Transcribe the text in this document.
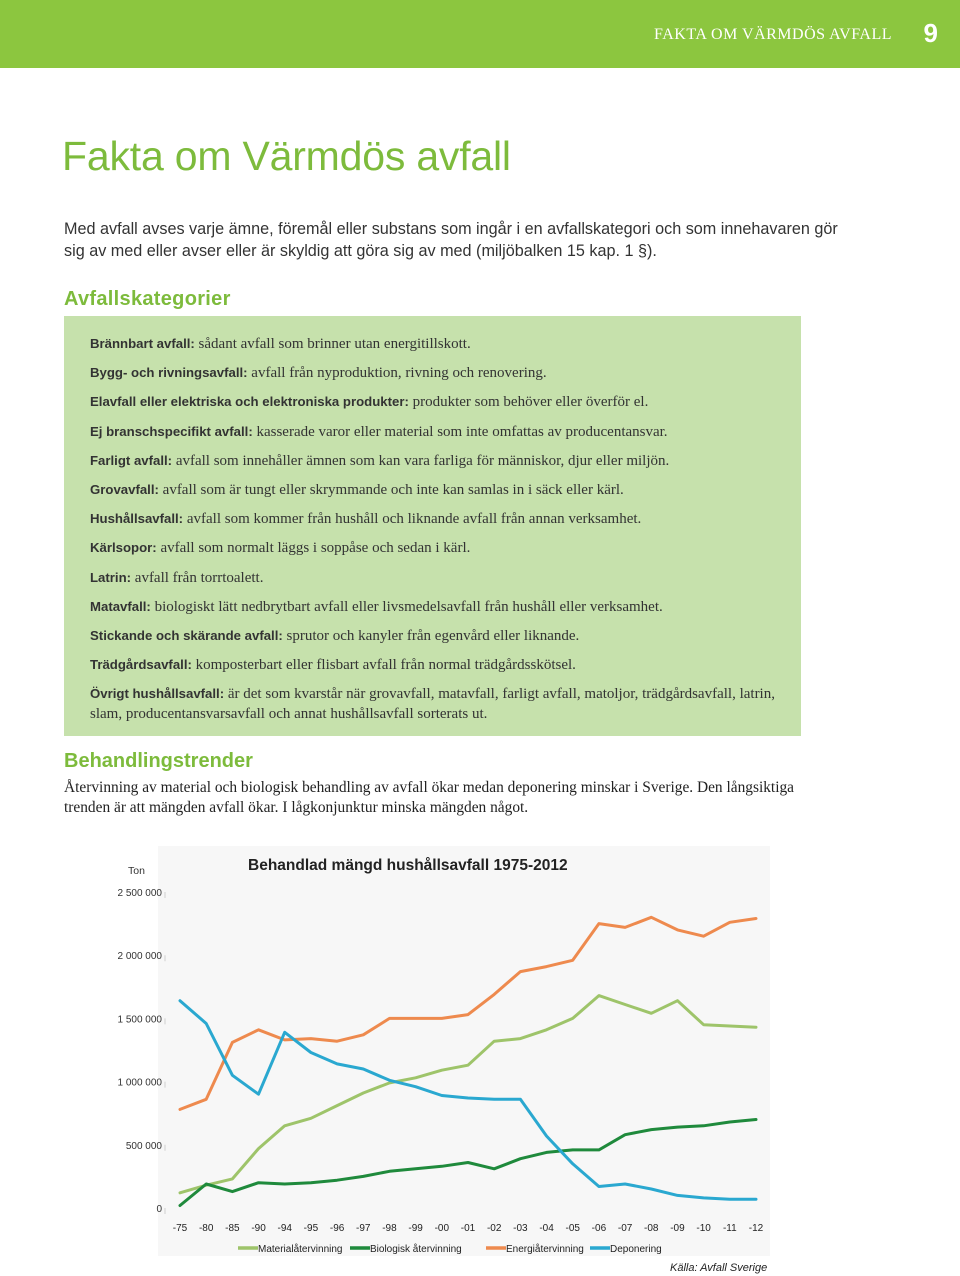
FAKTA OM VÄRMDÖS AVFALL 9
Fakta om Värmdös avfall

Med avfall avses varje ämne, föremål eller substans som ingår i en avfallskategori och som innehavaren gör sig av med eller avser eller är skyldig att göra sig av med (miljöbalken 15 kap. 1 §).

Avfallskategorier

Brännbart avfall: sådant avfall som brinner utan energitillskott.

Bygg- och rivningsavfall: avfall från nyproduktion, rivning och renovering.

Elavfall eller elektriska och elektroniska produkter: produkter som behöver eller överför el.

Ej branschspecifikt avfall: kasserade varor eller material som inte omfattas av producentansvar.

Farligt avfall: avfall som innehåller ämnen som kan vara farliga för människor, djur eller miljön.

Grovavfall: avfall som är tungt eller skrymmande och inte kan samlas in i säck eller kärl.

Hushållsavfall: avfall som kommer från hushåll och liknande avfall från annan verksamhet.

Kärlsopor: avfall som normalt läggs i soppåse och sedan i kärl.

Latrin: avfall från torrtoalett.

Matavfall: biologiskt lätt nedbrytbart avfall eller livsmedelsavfall från hushåll eller verksamhet.

Stickande och skärande avfall: sprutor och kanyler från egenvård eller liknande.

Trädgårdsavfall: komposterbart eller flisbart avfall från normal trädgårdsskötsel.

Övrigt hushållsavfall: är det som kvarstår när grovavfall, matavfall, farligt avfall, matoljor, trädgårdsavfall, latrin, slam, producentansvarsavfall och annat hushållsavfall sorterats ut.

Behandlingstrender

Återvinning av material och biologisk behandling av avfall ökar medan deponering minskar i Sverige. Den långsiktiga trenden är att mängden avfall ökar. I lågkonjunktur minska mängden något.

Behandlad mängd hushållsavfall 1975-2012
Ton
0
500 000
1 000 000
1 500 000
2 000 000
2 500 000
-75 -80 -85 -90 -94 -95 -96 -97 -98 -99 -00 -01 -02 -03 -04 -05 -06 -07 -08 -09 -10 -11 -12
Materialåtervinning	Biologisk återvinning	Energiåtervinning	Deponering
Källa: Avfall Sverige
